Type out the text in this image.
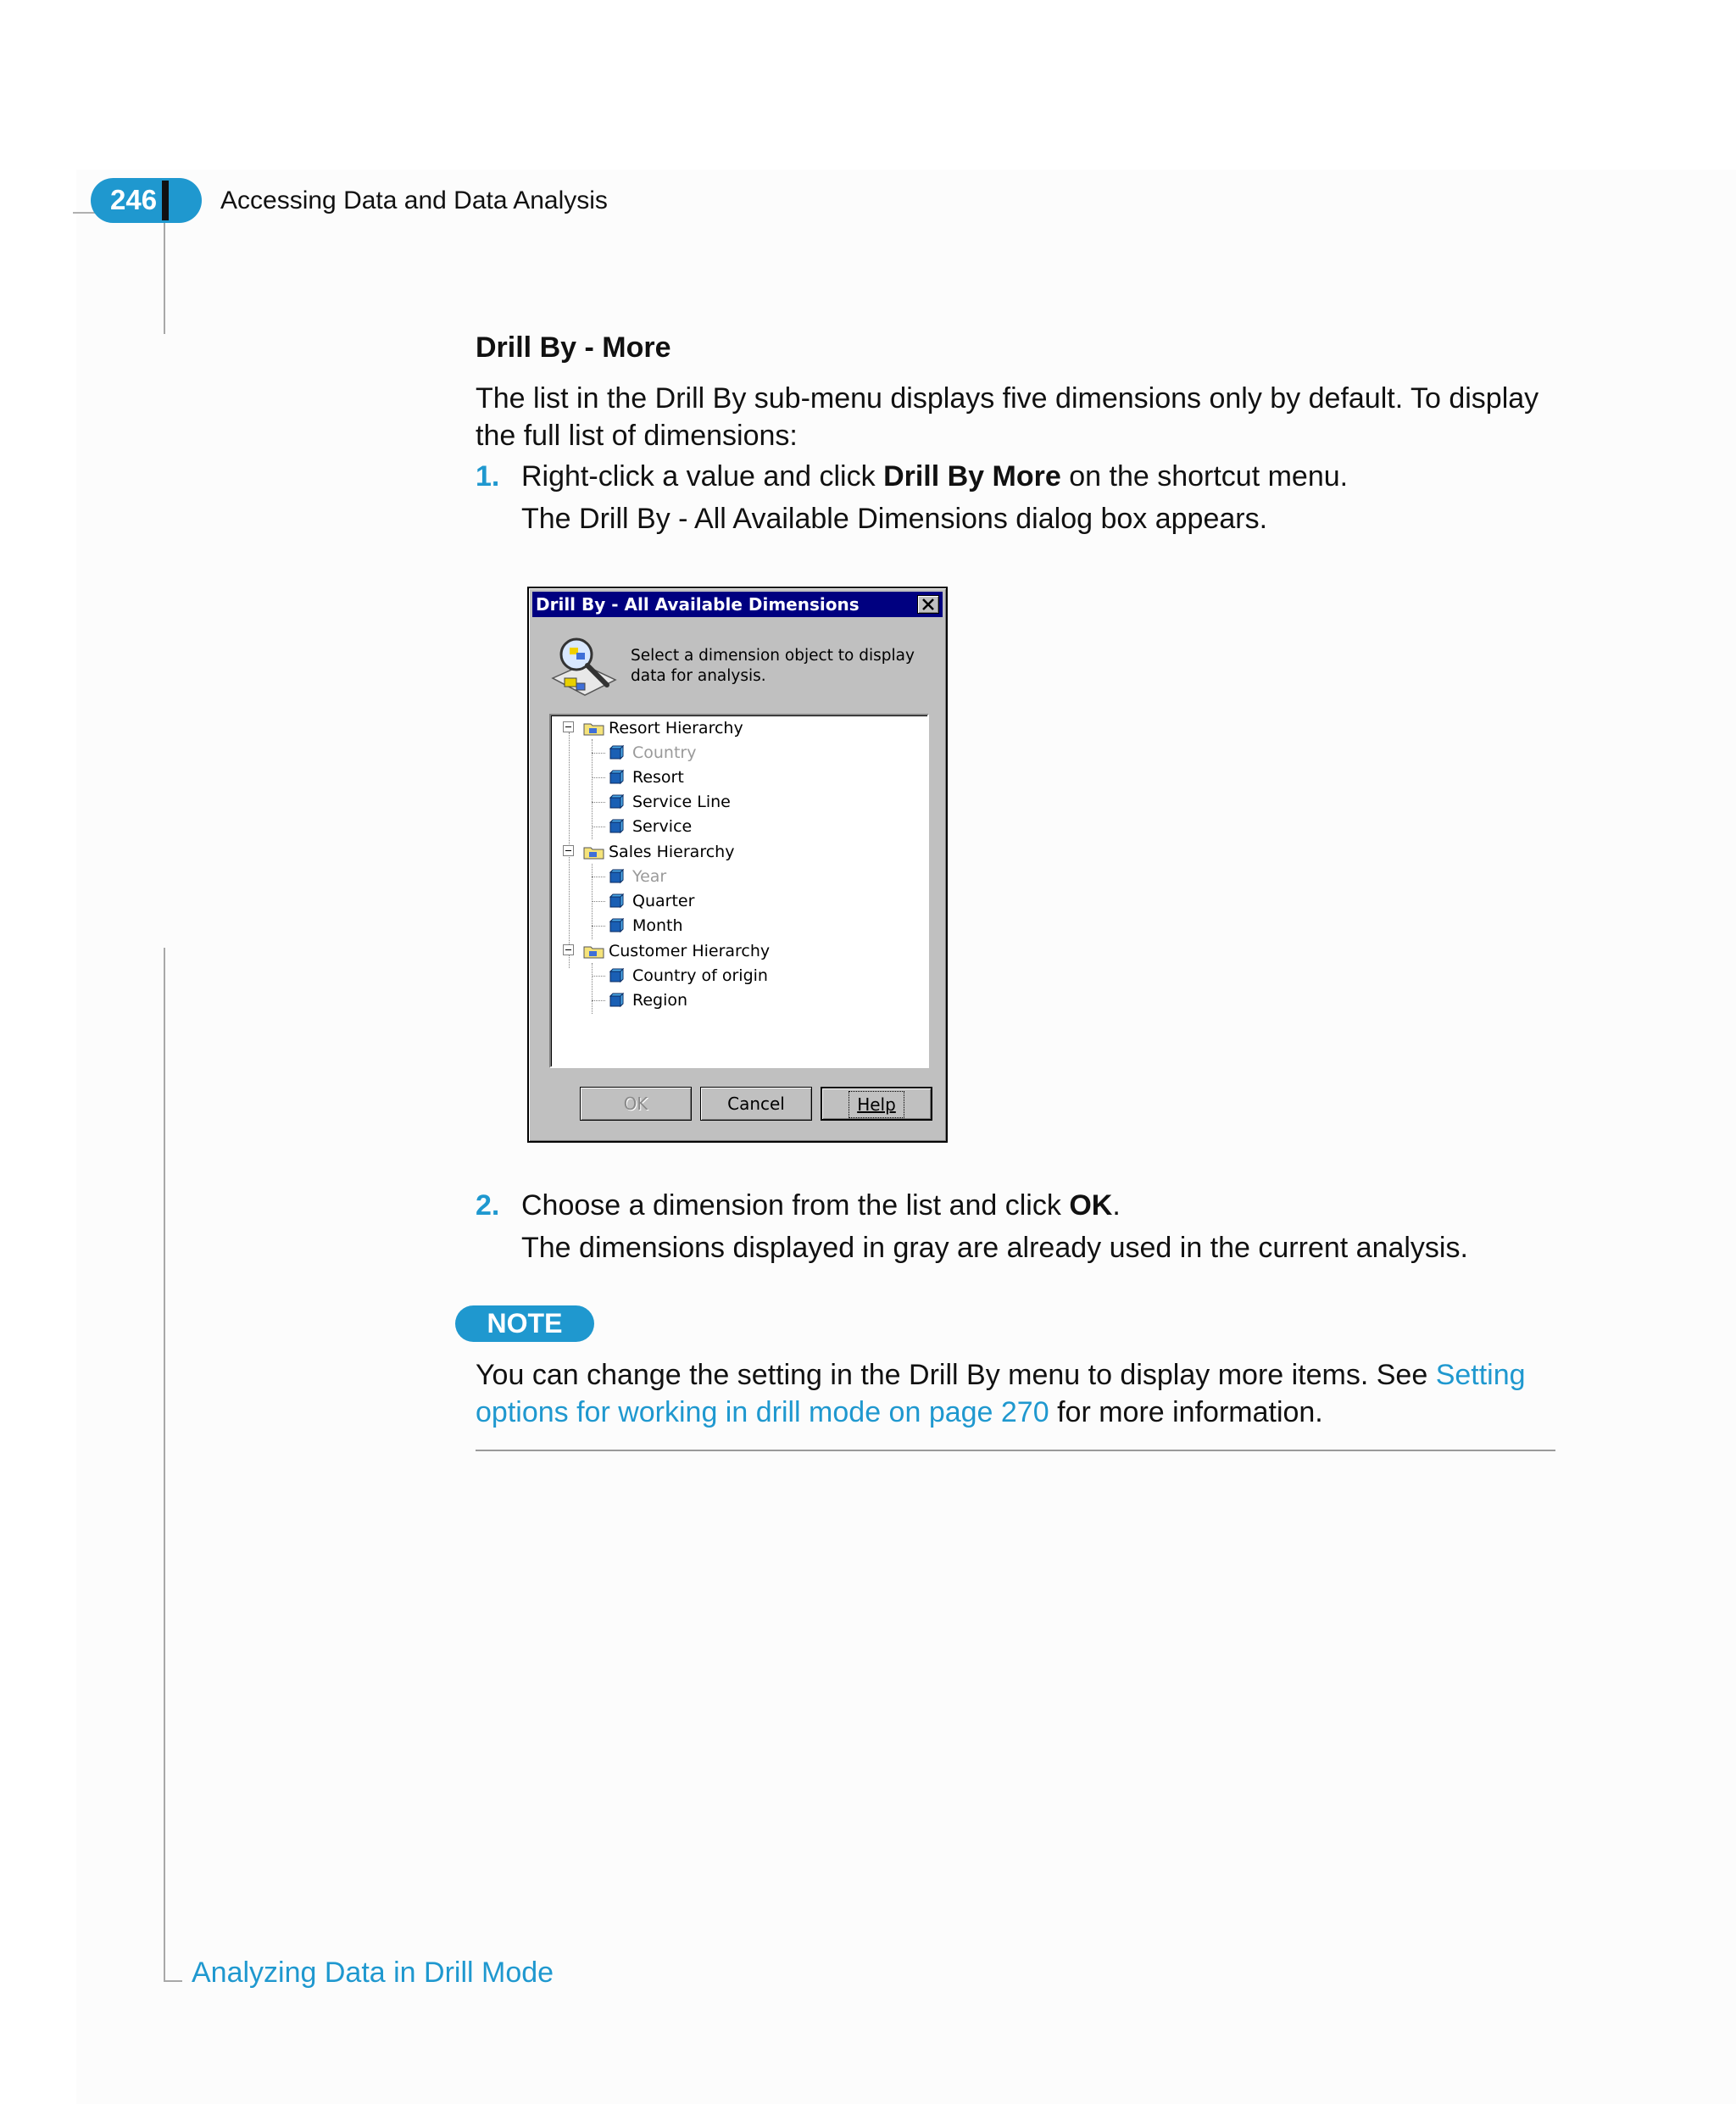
246 Accessing Data and Data Analysis
Drill By - More
The list in the Drill By sub-menu displays five dimensions only by default. To display the full list of dimensions:
1. Right-click a value and click Drill By More on the shortcut menu.
The Drill By - All Available Dimensions dialog box appears.
Drill By - All Available Dimensions
Select a dimension object to display data for analysis.
Resort Hierarchy
Country
Resort
Service Line
Service
Sales Hierarchy
Year
Quarter
Month
Customer Hierarchy
Country of origin
Region
OK	Cancel	Help
2. Choose a dimension from the list and click OK.
The dimensions displayed in gray are already used in the current analysis.
NOTE
You can change the setting in the Drill By menu to display more items. See Setting options for working in drill mode on page 270 for more information.
Analyzing Data in Drill Mode
